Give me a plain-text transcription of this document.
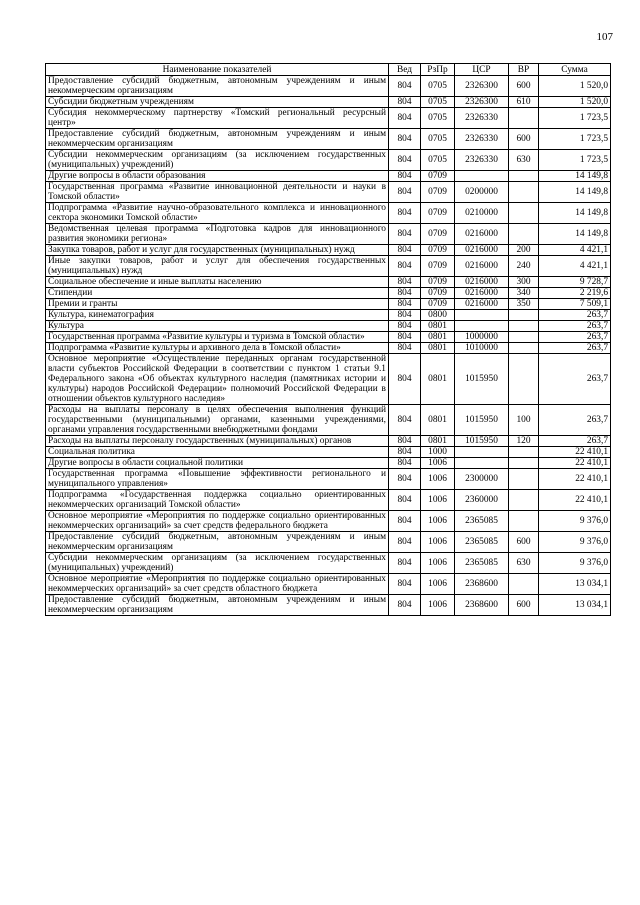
107
Наименование показателей	Вед	РзПр	ЦСР	ВР	Сумма
Предоставление субсидий бюджетным, автономным учреждениям и иным некоммерческим организациям	804	0705	2326300	600	1 520,0
Субсидии бюджетным учреждениям	804	0705	2326300	610	1 520,0
Субсидия некоммерческому партнерству «Томский региональный ресурсный центр»	804	0705	2326330		1 723,5
Предоставление субсидий бюджетным, автономным учреждениям и иным некоммерческим организациям	804	0705	2326330	600	1 723,5
Субсидии некоммерческим организациям (за исключением государственных (муниципальных) учреждений)	804	0705	2326330	630	1 723,5
Другие вопросы в области образования	804	0709			14 149,8
Государственная программа «Развитие инновационной деятельности и науки в Томской области»	804	0709	0200000		14 149,8
Подпрограмма «Развитие научно-образовательного комплекса и инновационного сектора экономики Томской области»	804	0709	0210000		14 149,8
Ведомственная целевая программа «Подготовка кадров для инновационного развития экономики региона»	804	0709	0216000		14 149,8
Закупка товаров, работ и услуг для государственных (муниципальных) нужд	804	0709	0216000	200	4 421,1
Иные закупки товаров, работ и услуг для обеспечения государственных (муниципальных) нужд	804	0709	0216000	240	4 421,1
Социальное обеспечение и иные выплаты населению	804	0709	0216000	300	9 728,7
Стипендии	804	0709	0216000	340	2 219,6
Премии и гранты	804	0709	0216000	350	7 509,1
Культура, кинематография	804	0800			263,7
Культура	804	0801			263,7
Государственная программа «Развитие культуры и туризма в Томской области»	804	0801	1000000		263,7
Подпрограмма «Развитие культуры и архивного дела в Томской области»	804	0801	1010000		263,7
Основное мероприятие «Осуществление переданных органам государственной власти субъектов Российской Федерации в соответствии с пунктом 1 статьи 9.1 Федерального закона «Об объектах культурного наследия (памятниках истории и культуры) народов Российской Федерации» полномочий Российской Федерации в отношении объектов культурного наследия»	804	0801	1015950		263,7
Расходы на выплаты персоналу в целях обеспечения выполнения функций государственными (муниципальными) органами, казенными учреждениями, органами управления государственными внебюджетными фондами	804	0801	1015950	100	263,7
Расходы на выплаты персоналу государственных (муниципальных) органов	804	0801	1015950	120	263,7
Социальная политика	804	1000			22 410,1
Другие вопросы в области социальной политики	804	1006			22 410,1
Государственная программа «Повышение эффективности регионального и муниципального управления»	804	1006	2300000		22 410,1
Подпрограмма «Государственная поддержка социально ориентированных некоммерческих организаций Томской области»	804	1006	2360000		22 410,1
Основное мероприятие «Мероприятия по поддержке социально ориентированных некоммерческих организаций» за счет средств федерального бюджета	804	1006	2365085		9 376,0
Предоставление субсидий бюджетным, автономным учреждениям и иным некоммерческим организациям	804	1006	2365085	600	9 376,0
Субсидии некоммерческим организациям (за исключением государственных (муниципальных) учреждений)	804	1006	2365085	630	9 376,0
Основное мероприятие «Мероприятия по поддержке социально ориентированных некоммерческих организаций» за счет средств областного бюджета	804	1006	2368600		13 034,1
Предоставление субсидий бюджетным, автономным учреждениям и иным некоммерческим организациям	804	1006	2368600	600	13 034,1
